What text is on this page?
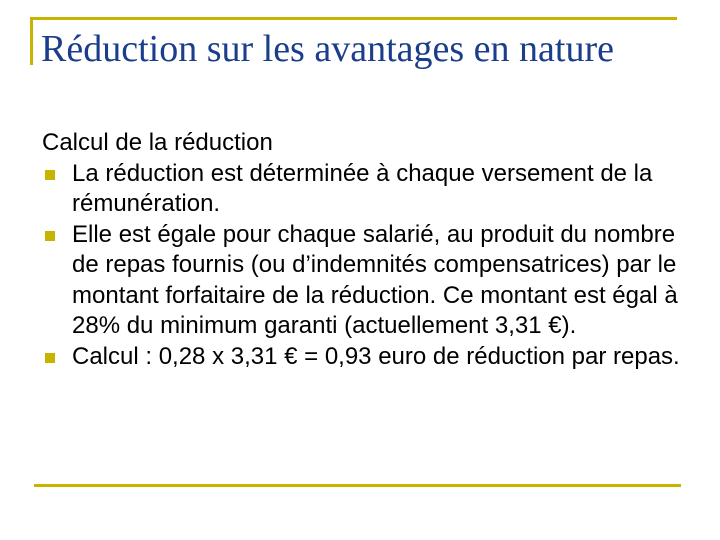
Réduction sur les avantages en nature

Calcul de la réduction

La réduction est déterminée à chaque versement de la rémunération.
Elle est égale pour chaque salarié, au produit du nombre de repas fournis (ou d’indemnités compensatrices) par le montant forfaitaire de la réduction. Ce montant est égal à 28% du minimum garanti (actuellement 3,31 €).
Calcul : 0,28 x 3,31 € = 0,93 euro de réduction par repas.
